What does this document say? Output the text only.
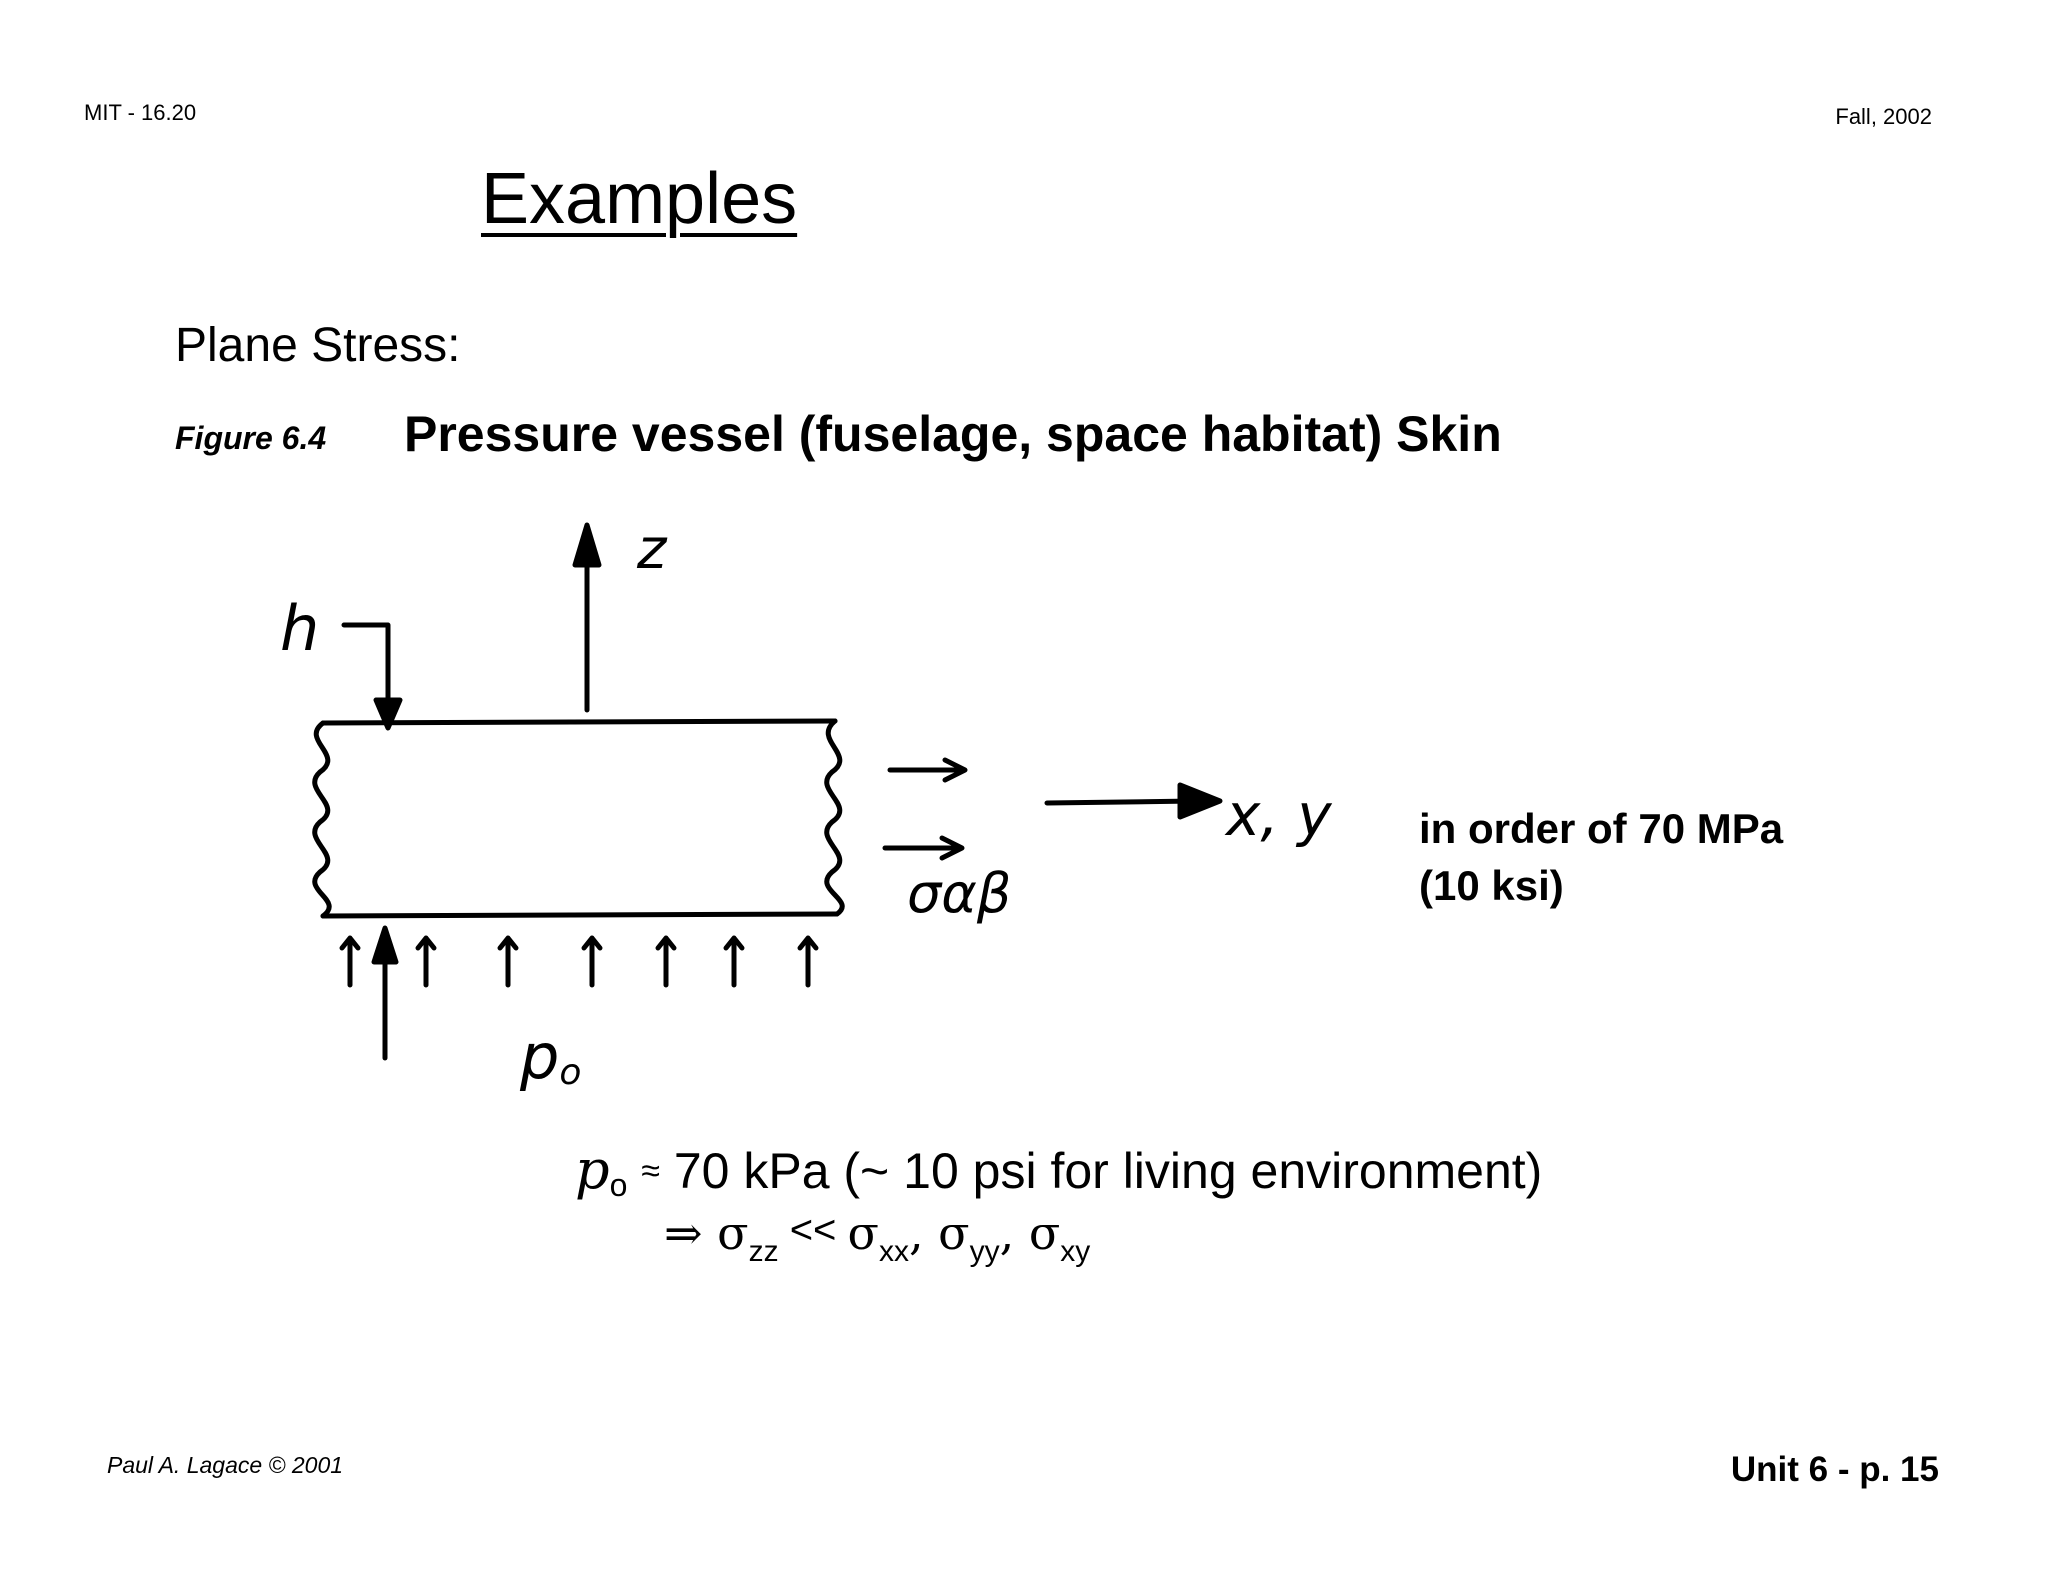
MIT - 16.20	Fall, 2002
Examples
Plane Stress:
Figure 6.4 Pressure vessel (fuselage, space habitat) Skin
h
z
x, y
σαβ
po
in order of 70 MPa
(10 ksi)
$p_o \approx 70$ kPa (~ 10 psi for living environment)
⇒ $\sigma_{zz} << \sigma_{xx}$, $\sigma_{yy}$, $\sigma_{xy}$
Paul A. Lagace © 2001	Unit 6 - p. 15
